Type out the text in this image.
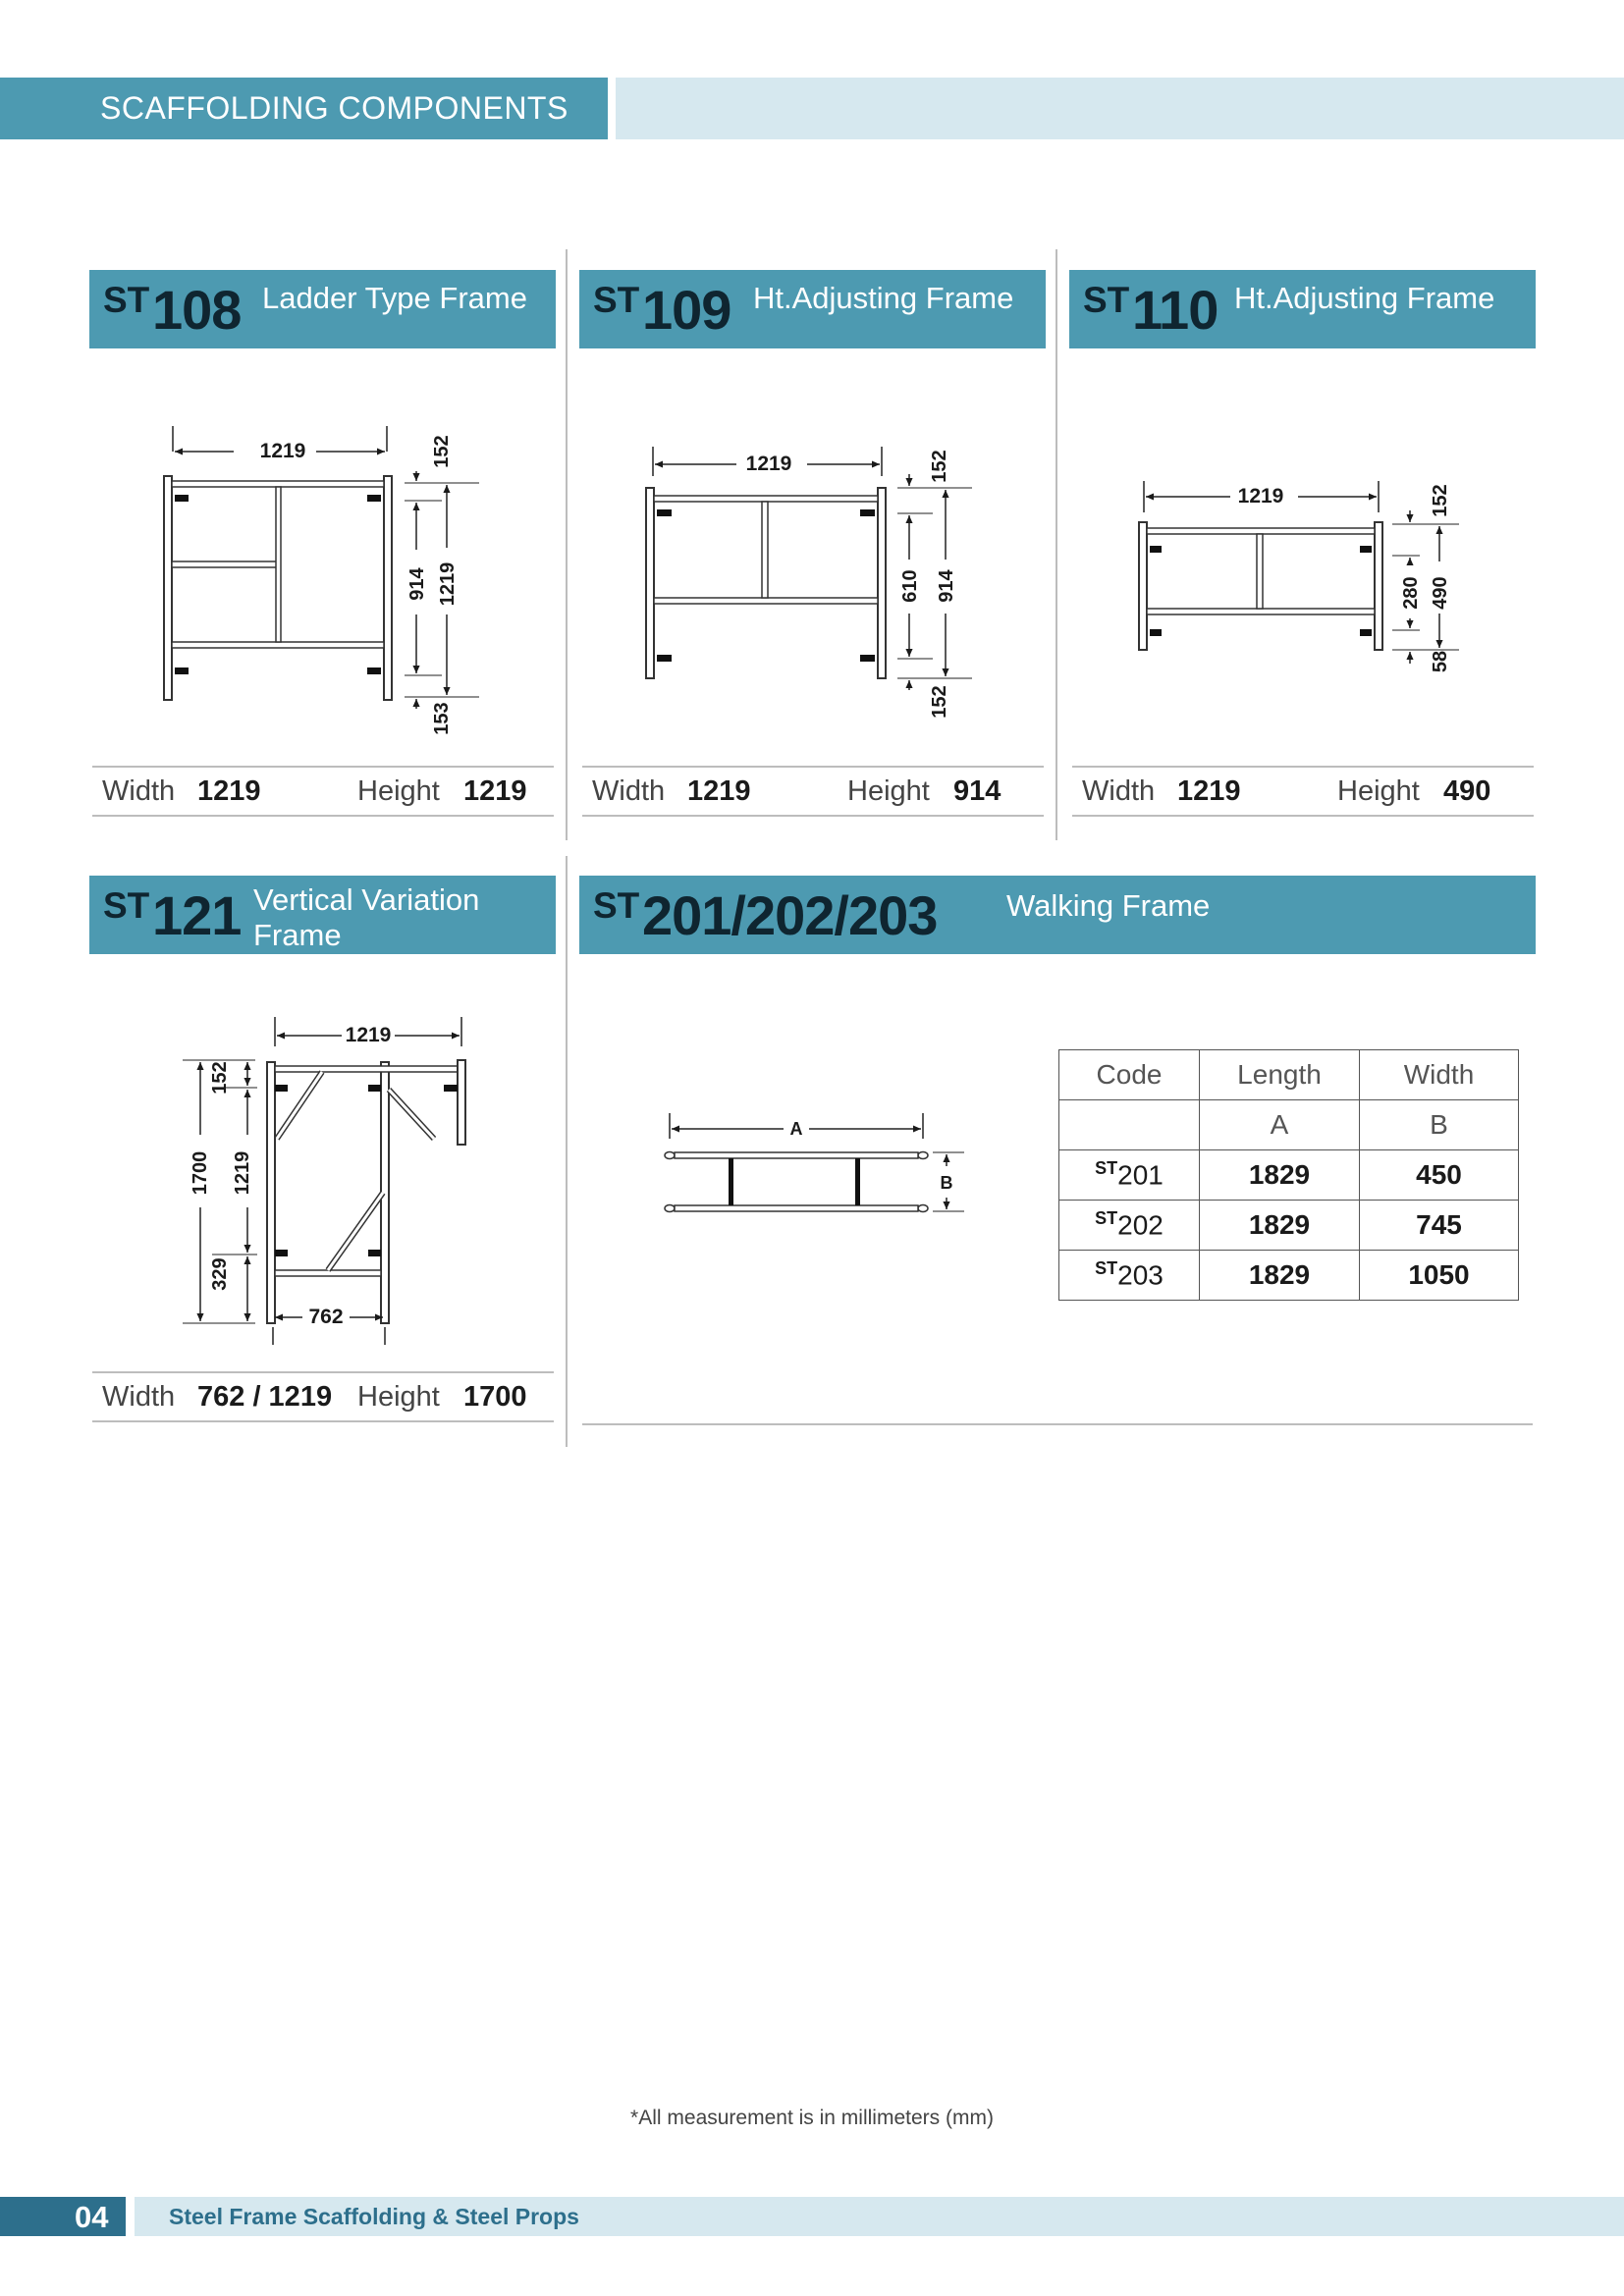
SCAFFOLDING COMPONENTS
ST 108 Ladder Type Frame
1219	152
914 1219
153
Width 1219	Height 1219
ST 109 Ht.Adjusting Frame
1219	152
610 914
152
Width 1219	Height 914
ST 110 Ht.Adjusting Frame
1219	152
280 490
58
Width 1219	Height 490
ST 121 Vertical Variation
Frame
1219
152
1700 1219
329
762
Width 762 / 1219 Height 1700
ST 201/202/203 Walking Frame
A
B
Code	Length	Width
	A	B
$^{ST}$201	1829	450
$^{ST}$202	1829	745
$^{ST}$203	1829	1050
*All measurement is in millimeters (mm)
04	Steel Frame Scaffolding & Steel Props
